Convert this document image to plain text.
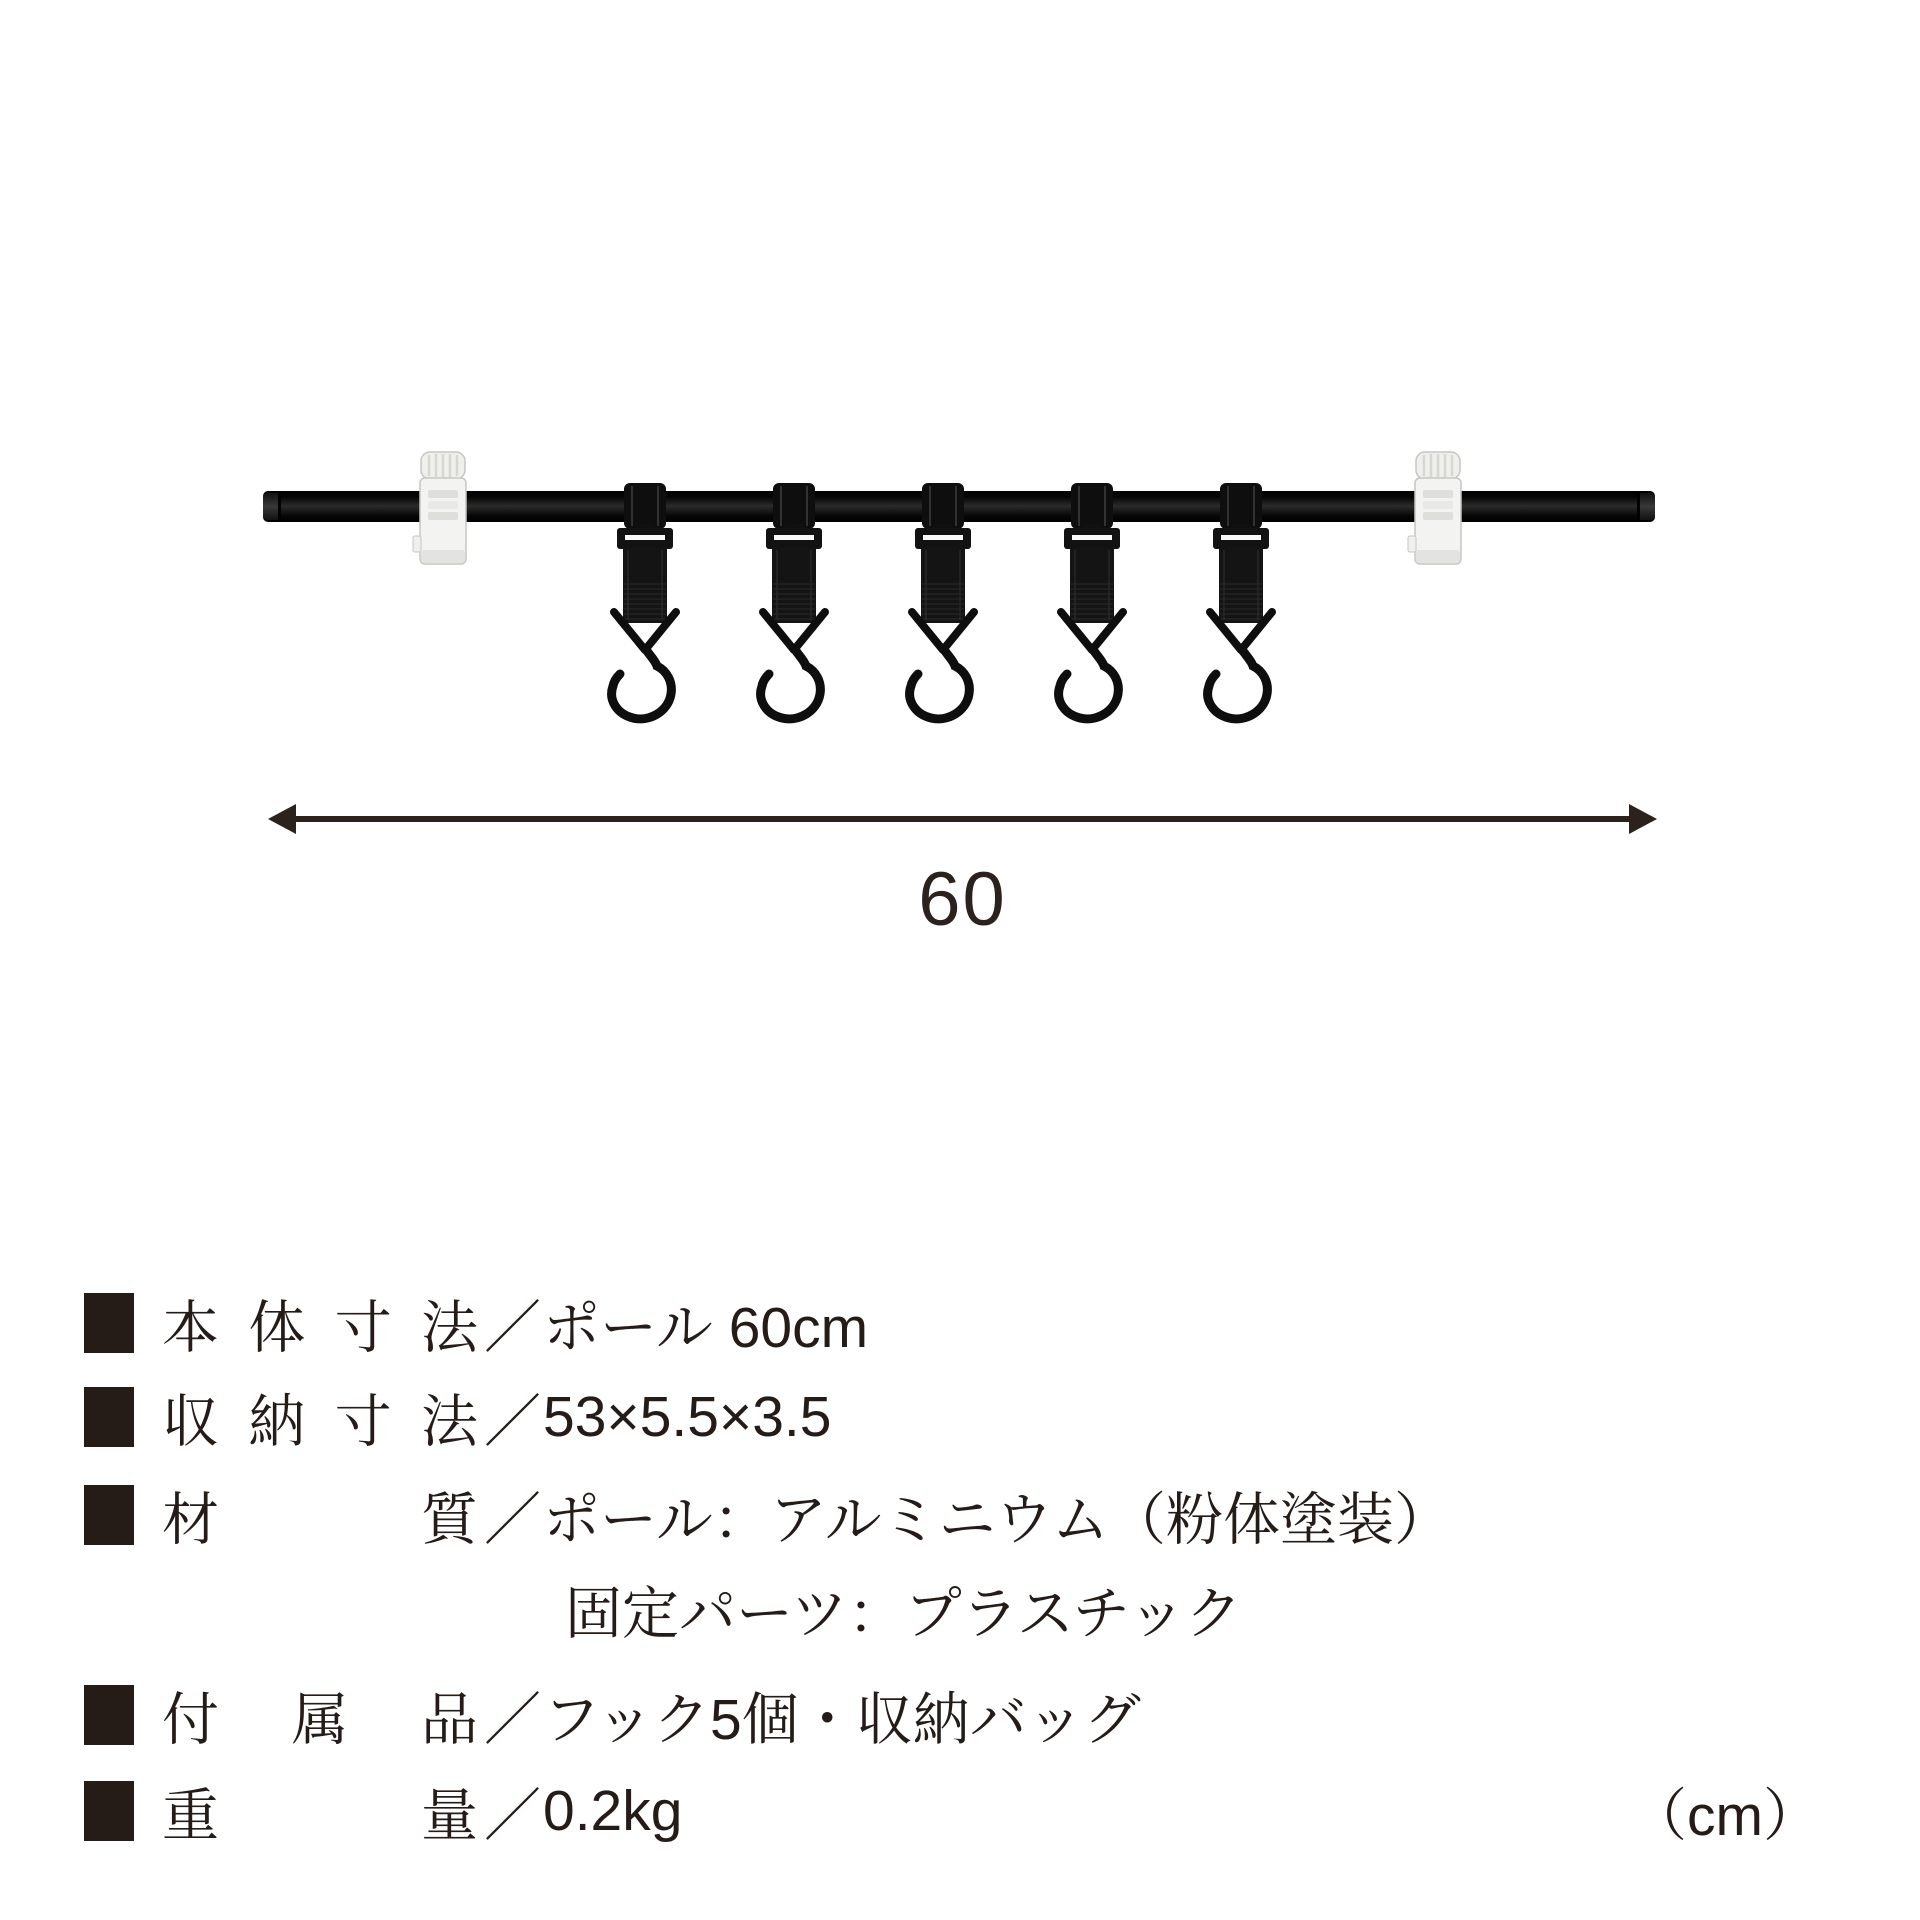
60
本 体 寸 法 ／ ポール 60cm
収 納 寸 法 ／ 53×5.5×3.5
材	質 ／ ポール：アルミニウム（粉体塗装）
固定パーツ：プラスチック
付 属 品 ／ フック5個・収納バッグ
重	量 ／ 0.2kg	（cm）
